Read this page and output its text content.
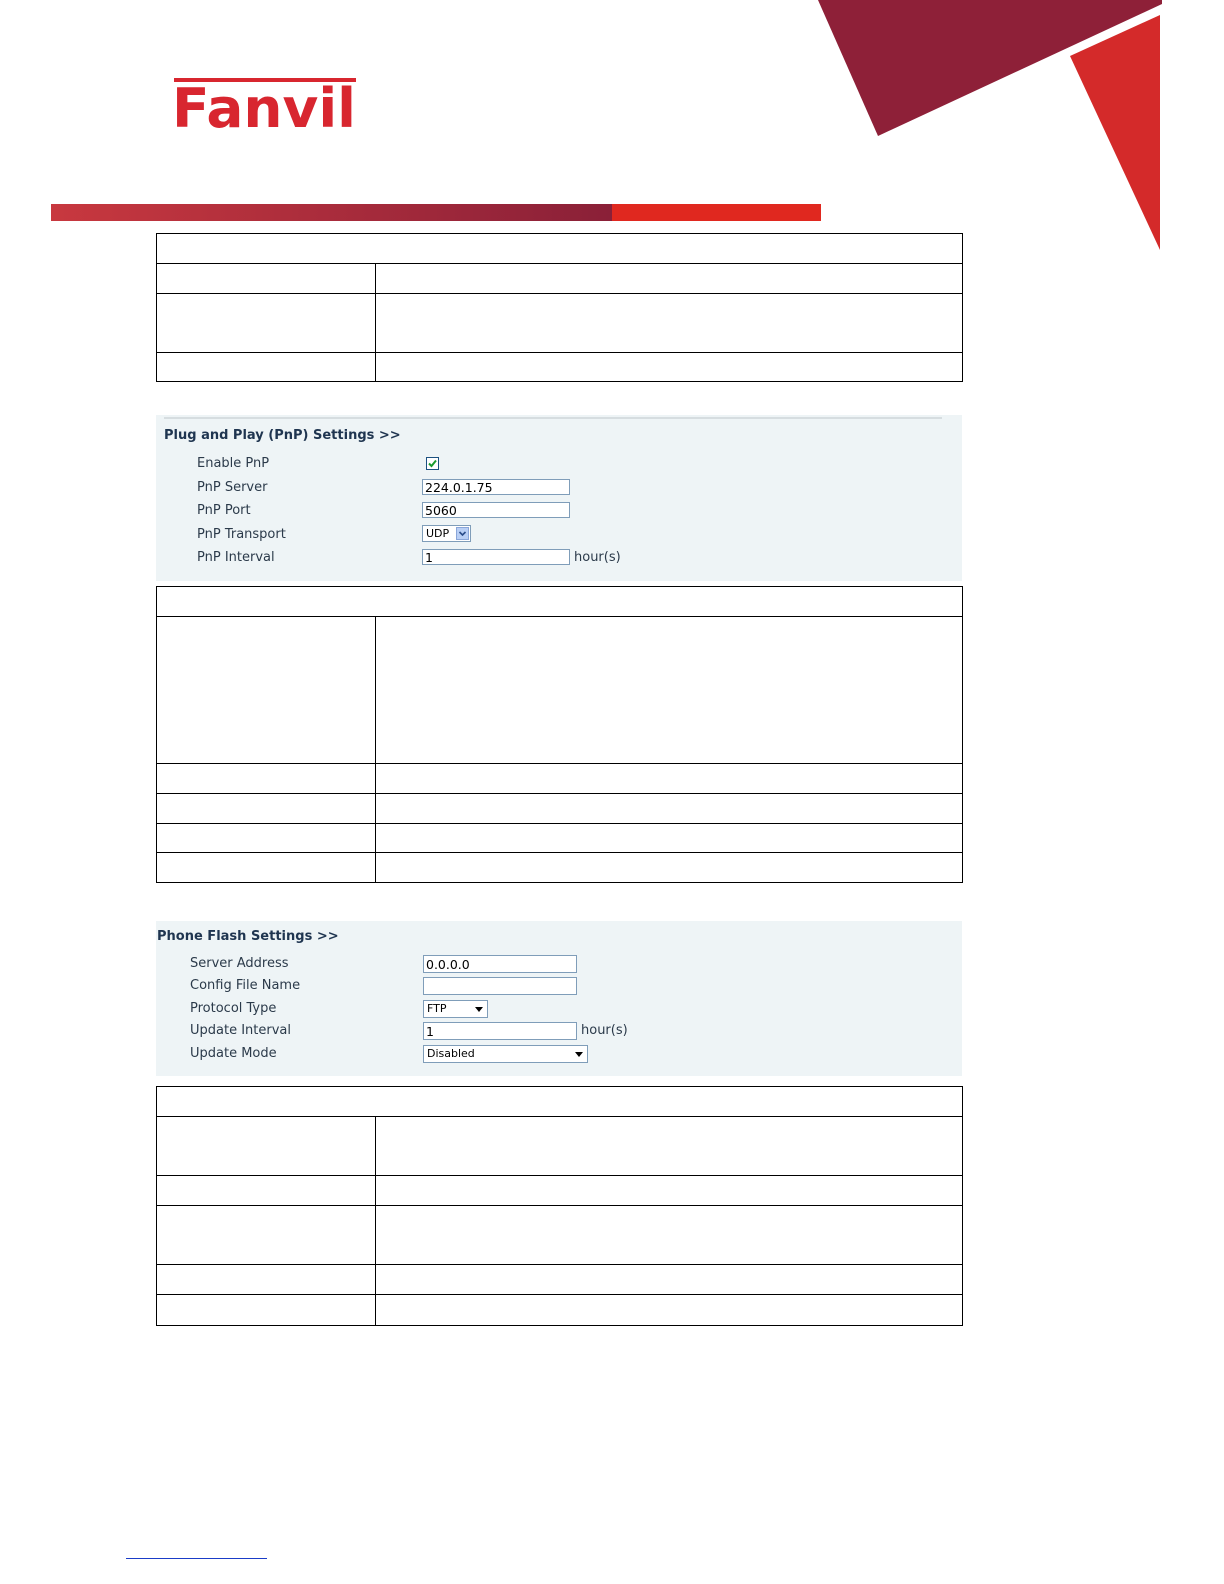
Fanvil
Plug and Play (PnP) Settings >>
Enable PnP
PnP Server	224.0.1.75
PnP Port	5060
PnP Transport	UDP
PnP Interval	1	hour(s)
Phone Flash Settings >>
Server Address	0.0.0.0
Config File Name
Protocol Type	FTP
Update Interval	1	hour(s)
Update Mode	Disabled
